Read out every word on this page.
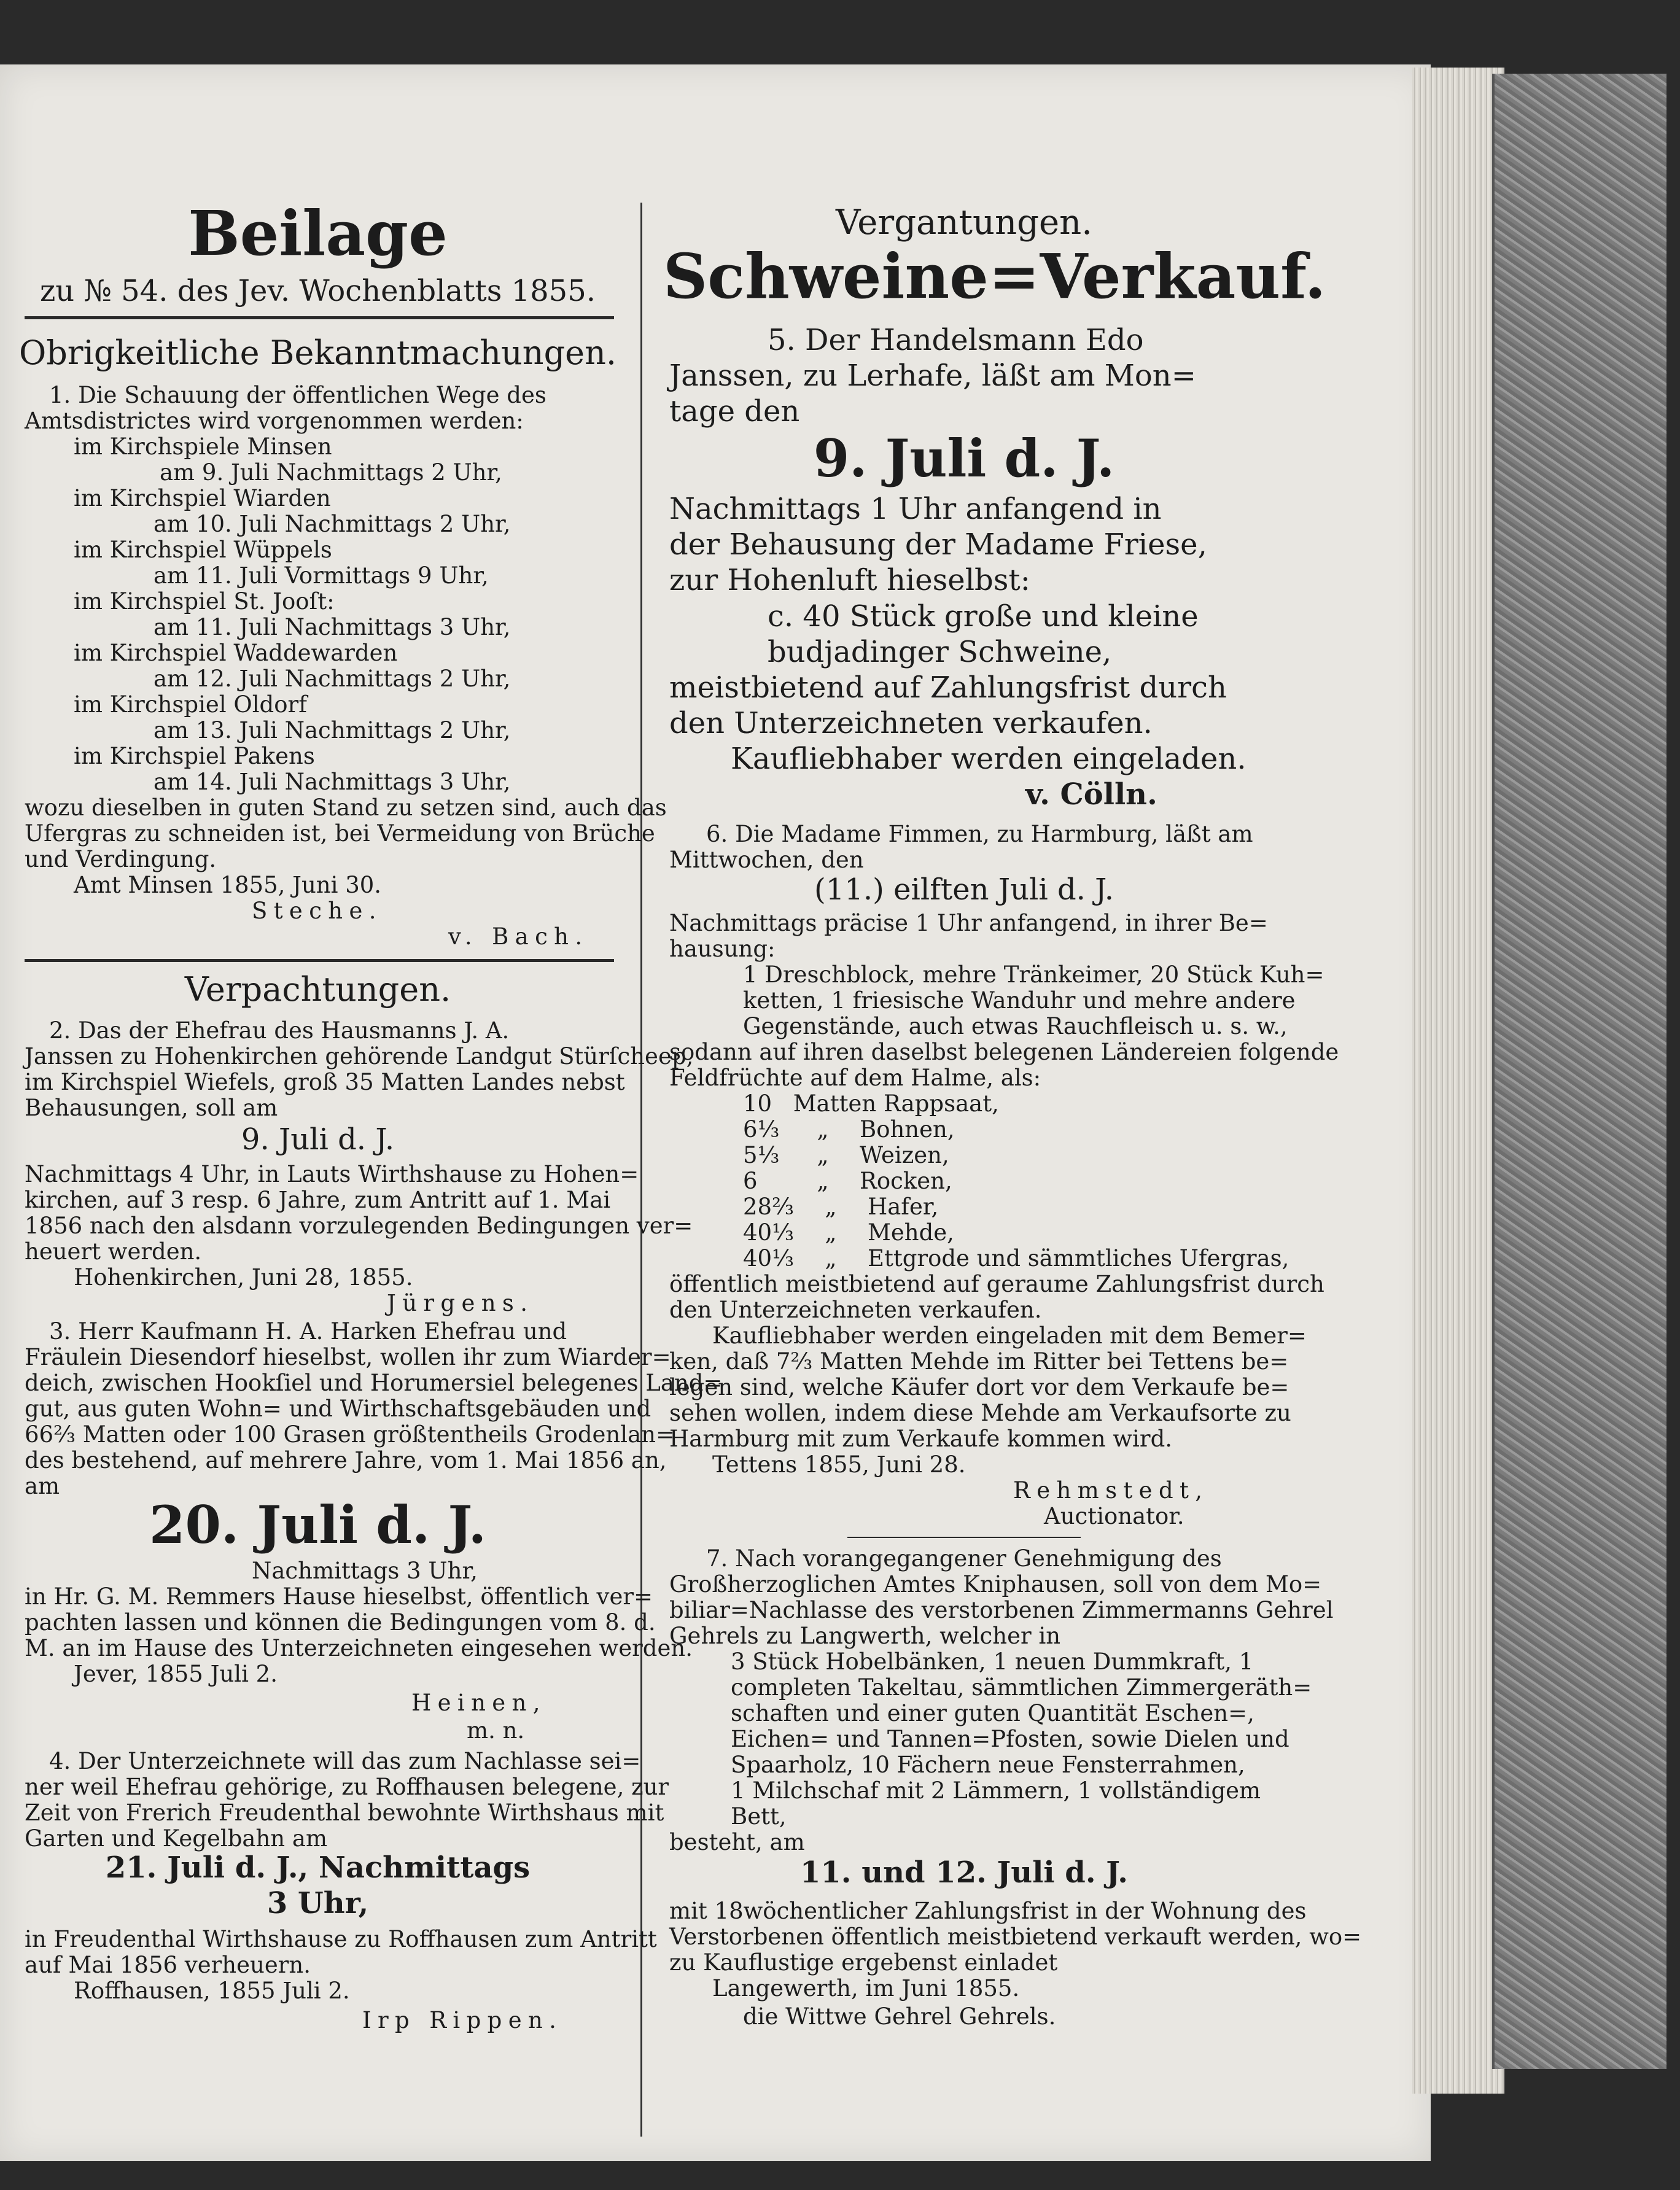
Beilage
zu № 54. des Jev. Wochenblatts 1855.
Obrigkeitliche Bekanntmachungen.
1. Die Schauung der öffentlichen Wege des
Amtsdistrictes wird vorgenommen werden:
im Kirchspiele Minsen
am 9. Juli Nachmittags 2 Uhr,
im Kirchspiel Wiarden
am 10. Juli Nachmittags 2 Uhr,
im Kirchspiel Wüppels
am 11. Juli Vormittags 9 Uhr,
im Kirchspiel St. Jooſt:
am 11. Juli Nachmittags 3 Uhr,
im Kirchspiel Waddewarden
am 12. Juli Nachmittags 2 Uhr,
im Kirchspiel Oldorf
am 13. Juli Nachmittags 2 Uhr,
im Kirchspiel Pakens
am 14. Juli Nachmittags 3 Uhr,
wozu dieselben in guten Stand zu setzen sind, auch das
Ufergras zu schneiden ist, bei Vermeidung von Brüche
und Verdingung.
Amt Minsen 1855, Juni 30.
Steche.
v. Bach.
Verpachtungen.
2. Das der Ehefrau des Hausmanns J. A.
Janssen zu Hohenkirchen gehörende Landgut Stürſcheep,
im Kirchspiel Wiefels, groß 35 Matten Landes nebst
Behausungen, soll am
9. Juli d. J.
Nachmittags 4 Uhr, in Lauts Wirthshause zu Hohen=
kirchen, auf 3 resp. 6 Jahre, zum Antritt auf 1. Mai
1856 nach den alsdann vorzulegenden Bedingungen ver=
heuert werden.
Hohenkirchen, Juni 28, 1855.
Jürgens.
3. Herr Kaufmann H. A. Harken Ehefrau und
Fräulein Diesendorf hieselbst, wollen ihr zum Wiarder=
deich, zwischen Hookſiel und Horumersiel belegenes Land=
gut, aus guten Wohn= und Wirthschaftsgebäuden und
66⅔ Matten oder 100 Grasen größtentheils Grodenlan=
des bestehend, auf mehrere Jahre, vom 1. Mai 1856 an,
am
20. Juli d. J.
Nachmittags 3 Uhr,
in Hr. G. M. Remmers Hause hieselbst, öffentlich ver=
pachten lassen und können die Bedingungen vom 8. d.
M. an im Hause des Unterzeichneten eingesehen werden.
Jever, 1855 Juli 2.
Heinen,
m. n.
4. Der Unterzeichnete will das zum Nachlasse sei=
ner weil Ehefrau gehörige, zu Roffhausen belegene, zur
Zeit von Frerich Freudenthal bewohnte Wirthshaus mit
Garten und Kegelbahn am
21. Juli d. J., Nachmittags
3 Uhr,
in Freudenthal Wirthshause zu Roffhausen zum Antritt
auf Mai 1856 verheuern.
Roffhausen, 1855 Juli 2.
Irp Rippen.
Vergantungen.
Schweine=Verkauf.
5. Der Handelsmann Edo
Janssen, zu Lerhafe, läßt am Mon=
tage den
9. Juli d. J.
Nachmittags 1 Uhr anfangend in
der Behausung der Madame Friese,
zur Hohenluft hieselbst:
c. 40 Stück große und kleine
budjadinger Schweine,
meistbietend auf Zahlungsfrist durch
den Unterzeichneten verkaufen.
Kaufliebhaber werden eingeladen.
v. Cölln.
6. Die Madame Fimmen, zu Harmburg, läßt am
Mittwochen, den
(11.) eilften Juli d. J.
Nachmittags präcise 1 Uhr anfangend, in ihrer Be=
hausung:
1 Dreschblock, mehre Tränkeimer, 20 Stück Kuh=
ketten, 1 friesische Wanduhr und mehre andere
Gegenstände, auch etwas Rauchfleisch u. s. w.,
sodann auf ihren daselbst belegenen Ländereien folgende
Feldfrüchte auf dem Halme, als:
10 Matten Rappsaat,
6⅓ „ Bohnen,
5⅓ „ Weizen,
6	„ Rocken,
28⅔ „ Hafer,
40⅓ „ Mehde,
40⅓ „ Ettgrode und sämmtliches Ufergras,
öffentlich meistbietend auf geraume Zahlungsfrist durch
den Unterzeichneten verkaufen.
Kaufliebhaber werden eingeladen mit dem Bemer=
ken, daß 7⅔ Matten Mehde im Ritter bei Tettens be=
legen sind, welche Käufer dort vor dem Verkaufe be=
sehen wollen, indem diese Mehde am Verkaufsorte zu
Harmburg mit zum Verkaufe kommen wird.
Tettens 1855, Juni 28.
Rehmstedt,
Auctionator.
7. Nach vorangegangener Genehmigung des
Großherzoglichen Amtes Kniphausen, soll von dem Mo=
biliar=Nachlasse des verstorbenen Zimmermanns Gehrel
Gehrels zu Langwerth, welcher in
3 Stück Hobelbänken, 1 neuen Dummkraft, 1
completen Takeltau, sämmtlichen Zimmergeräth=
schaften und einer guten Quantität Eschen=,
Eichen= und Tannen=Pfosten, sowie Dielen und
Spaarholz, 10 Fächern neue Fensterrahmen,
1 Milchschaf mit 2 Lämmern, 1 vollständigem
Bett,
besteht, am
11. und 12. Juli d. J.
mit 18wöchentlicher Zahlungsfrist in der Wohnung des
Verstorbenen öffentlich meistbietend verkauft werden, wo=
zu Kauflustige ergebenst einladet
Langewerth, im Juni 1855.
die Wittwe Gehrel Gehrels.
